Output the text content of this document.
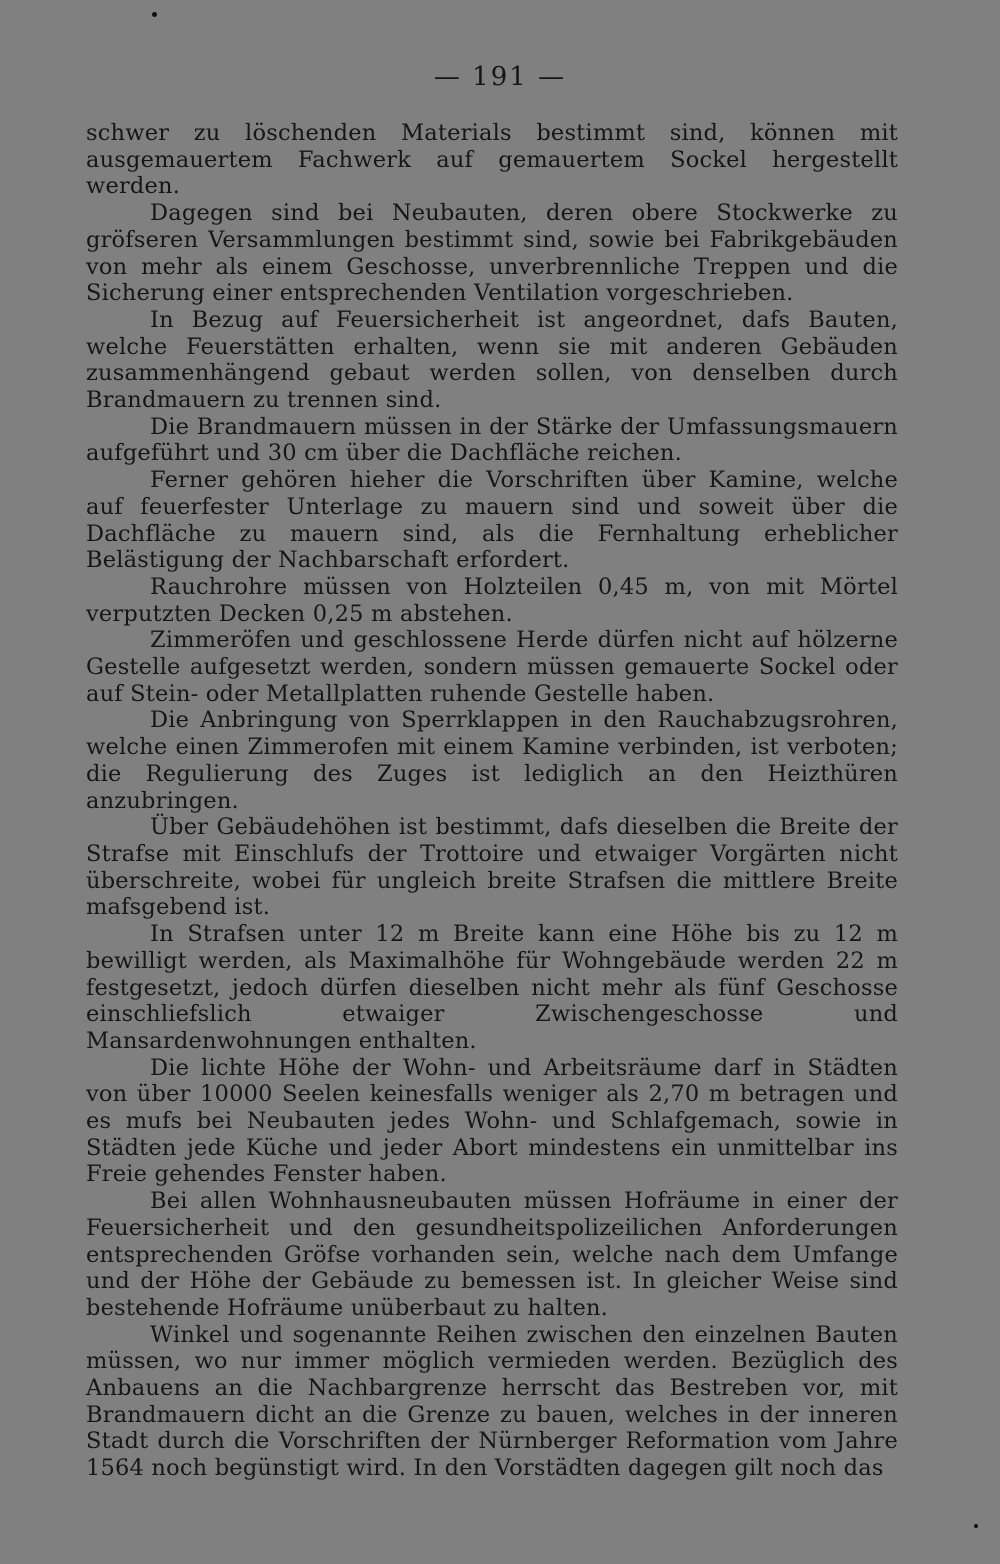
— 191 —

schwer zu löschenden Materials bestimmt sind, können mit ausgemauertem Fachwerk auf gemauertem Sockel hergestellt werden.

Dagegen sind bei Neubauten, deren obere Stockwerke zu gröfseren Versammlungen bestimmt sind, sowie bei Fabrikgebäuden von mehr als einem Geschosse, unverbrennliche Treppen und die Sicherung einer entsprechenden Ventilation vorgeschrieben.

In Bezug auf Feuersicherheit ist angeordnet, dafs Bauten, welche Feuerstätten erhalten, wenn sie mit anderen Gebäuden zusammenhängend gebaut werden sollen, von denselben durch Brandmauern zu trennen sind.

Die Brandmauern müssen in der Stärke der Umfassungsmauern aufgeführt und 30 cm über die Dachfläche reichen.

Ferner gehören hieher die Vorschriften über Kamine, welche auf feuerfester Unterlage zu mauern sind und soweit über die Dachfläche zu mauern sind, als die Fernhaltung erheblicher Belästigung der Nachbarschaft erfordert.

Rauchrohre müssen von Holzteilen 0,45 m, von mit Mörtel verputzten Decken 0,25 m abstehen.

Zimmeröfen und geschlossene Herde dürfen nicht auf hölzerne Gestelle aufgesetzt werden, sondern müssen gemauerte Sockel oder auf Stein- oder Metallplatten ruhende Gestelle haben.

Die Anbringung von Sperrklappen in den Rauchabzugsrohren, welche einen Zimmerofen mit einem Kamine verbinden, ist verboten; die Regulierung des Zuges ist lediglich an den Heizthüren anzubringen.

Über Gebäudehöhen ist bestimmt, dafs dieselben die Breite der Strafse mit Einschlufs der Trottoire und etwaiger Vorgärten nicht überschreite, wobei für ungleich breite Strafsen die mittlere Breite mafsgebend ist.

In Strafsen unter 12 m Breite kann eine Höhe bis zu 12 m bewilligt werden, als Maximalhöhe für Wohngebäude werden 22 m festgesetzt, jedoch dürfen dieselben nicht mehr als fünf Geschosse einschliefslich etwaiger Zwischengeschosse und Mansardenwohnungen enthalten.

Die lichte Höhe der Wohn- und Arbeitsräume darf in Städten von über 10000 Seelen keinesfalls weniger als 2,70 m betragen und es mufs bei Neubauten jedes Wohn- und Schlafgemach, sowie in Städten jede Küche und jeder Abort mindestens ein unmittelbar ins Freie gehendes Fenster haben.

Bei allen Wohnhausneubauten müssen Hofräume in einer der Feuersicherheit und den gesundheitspolizeilichen Anforderungen entsprechenden Gröfse vorhanden sein, welche nach dem Umfange und der Höhe der Gebäude zu bemessen ist. In gleicher Weise sind bestehende Hofräume unüberbaut zu halten.

Winkel und sogenannte Reihen zwischen den einzelnen Bauten müssen, wo nur immer möglich vermieden werden. Bezüglich des Anbauens an die Nachbargrenze herrscht das Bestreben vor, mit Brandmauern dicht an die Grenze zu bauen, welches in der inneren Stadt durch die Vorschriften der Nürnberger Reformation vom Jahre 1564 noch begünstigt wird. In den Vorstädten dagegen gilt noch das
